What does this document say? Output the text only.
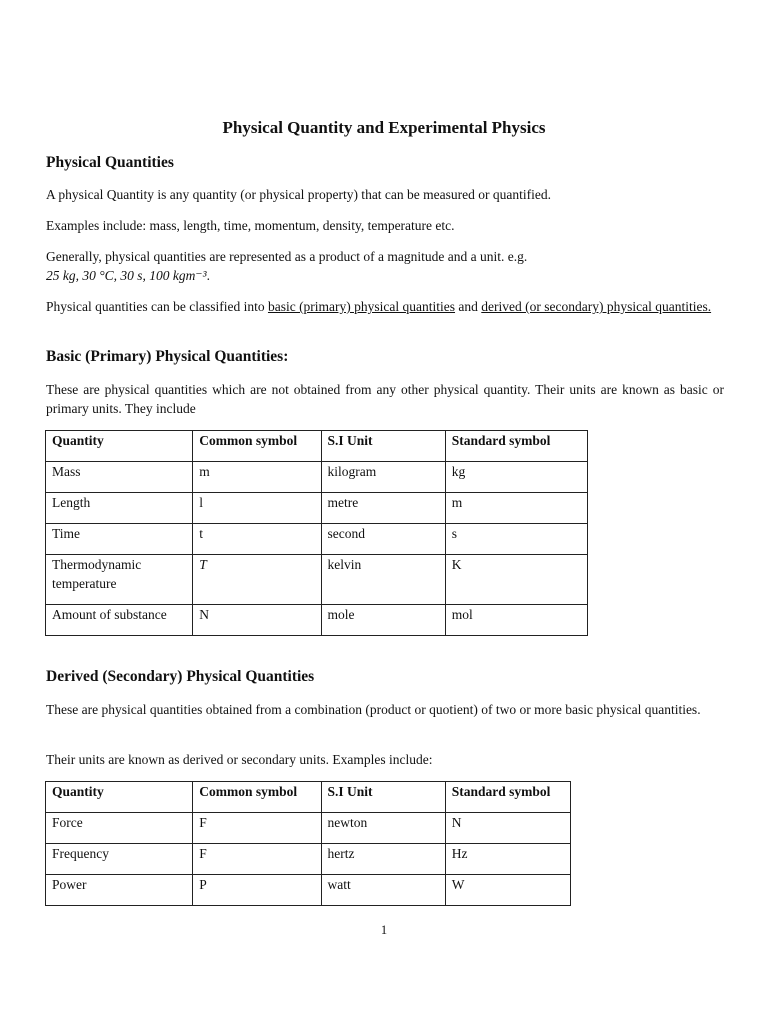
Physical Quantity and Experimental Physics
Physical Quantities
A physical Quantity is any quantity (or physical property) that can be measured or quantified.
Examples include: mass, length, time, momentum, density, temperature etc.
Generally, physical quantities are represented as a product of a magnitude and a unit. e.g.
25 kg, 30 °C, 30 s, 100 kgm⁻³.
Physical quantities can be classified into basic (primary) physical quantities and derived (or secondary) physical quantities.
Basic (Primary) Physical Quantities:
These are physical quantities which are not obtained from any other physical quantity. Their units are known as basic or primary units. They include
Quantity	Common symbol	S.I Unit	Standard symbol
Mass	m	kilogram	kg
Length	l	metre	m
Time	t	second	s
Thermodynamic temperature	T	kelvin	K
Amount of substance	N	mole	mol
Derived (Secondary) Physical Quantities
These are physical quantities obtained from a combination (product or quotient) of two or more basic physical quantities.
Their units are known as derived or secondary units. Examples include:
Quantity	Common symbol	S.I Unit	Standard symbol
Force	F	newton	N
Frequency	F	hertz	Hz
Power	P	watt	W
1
